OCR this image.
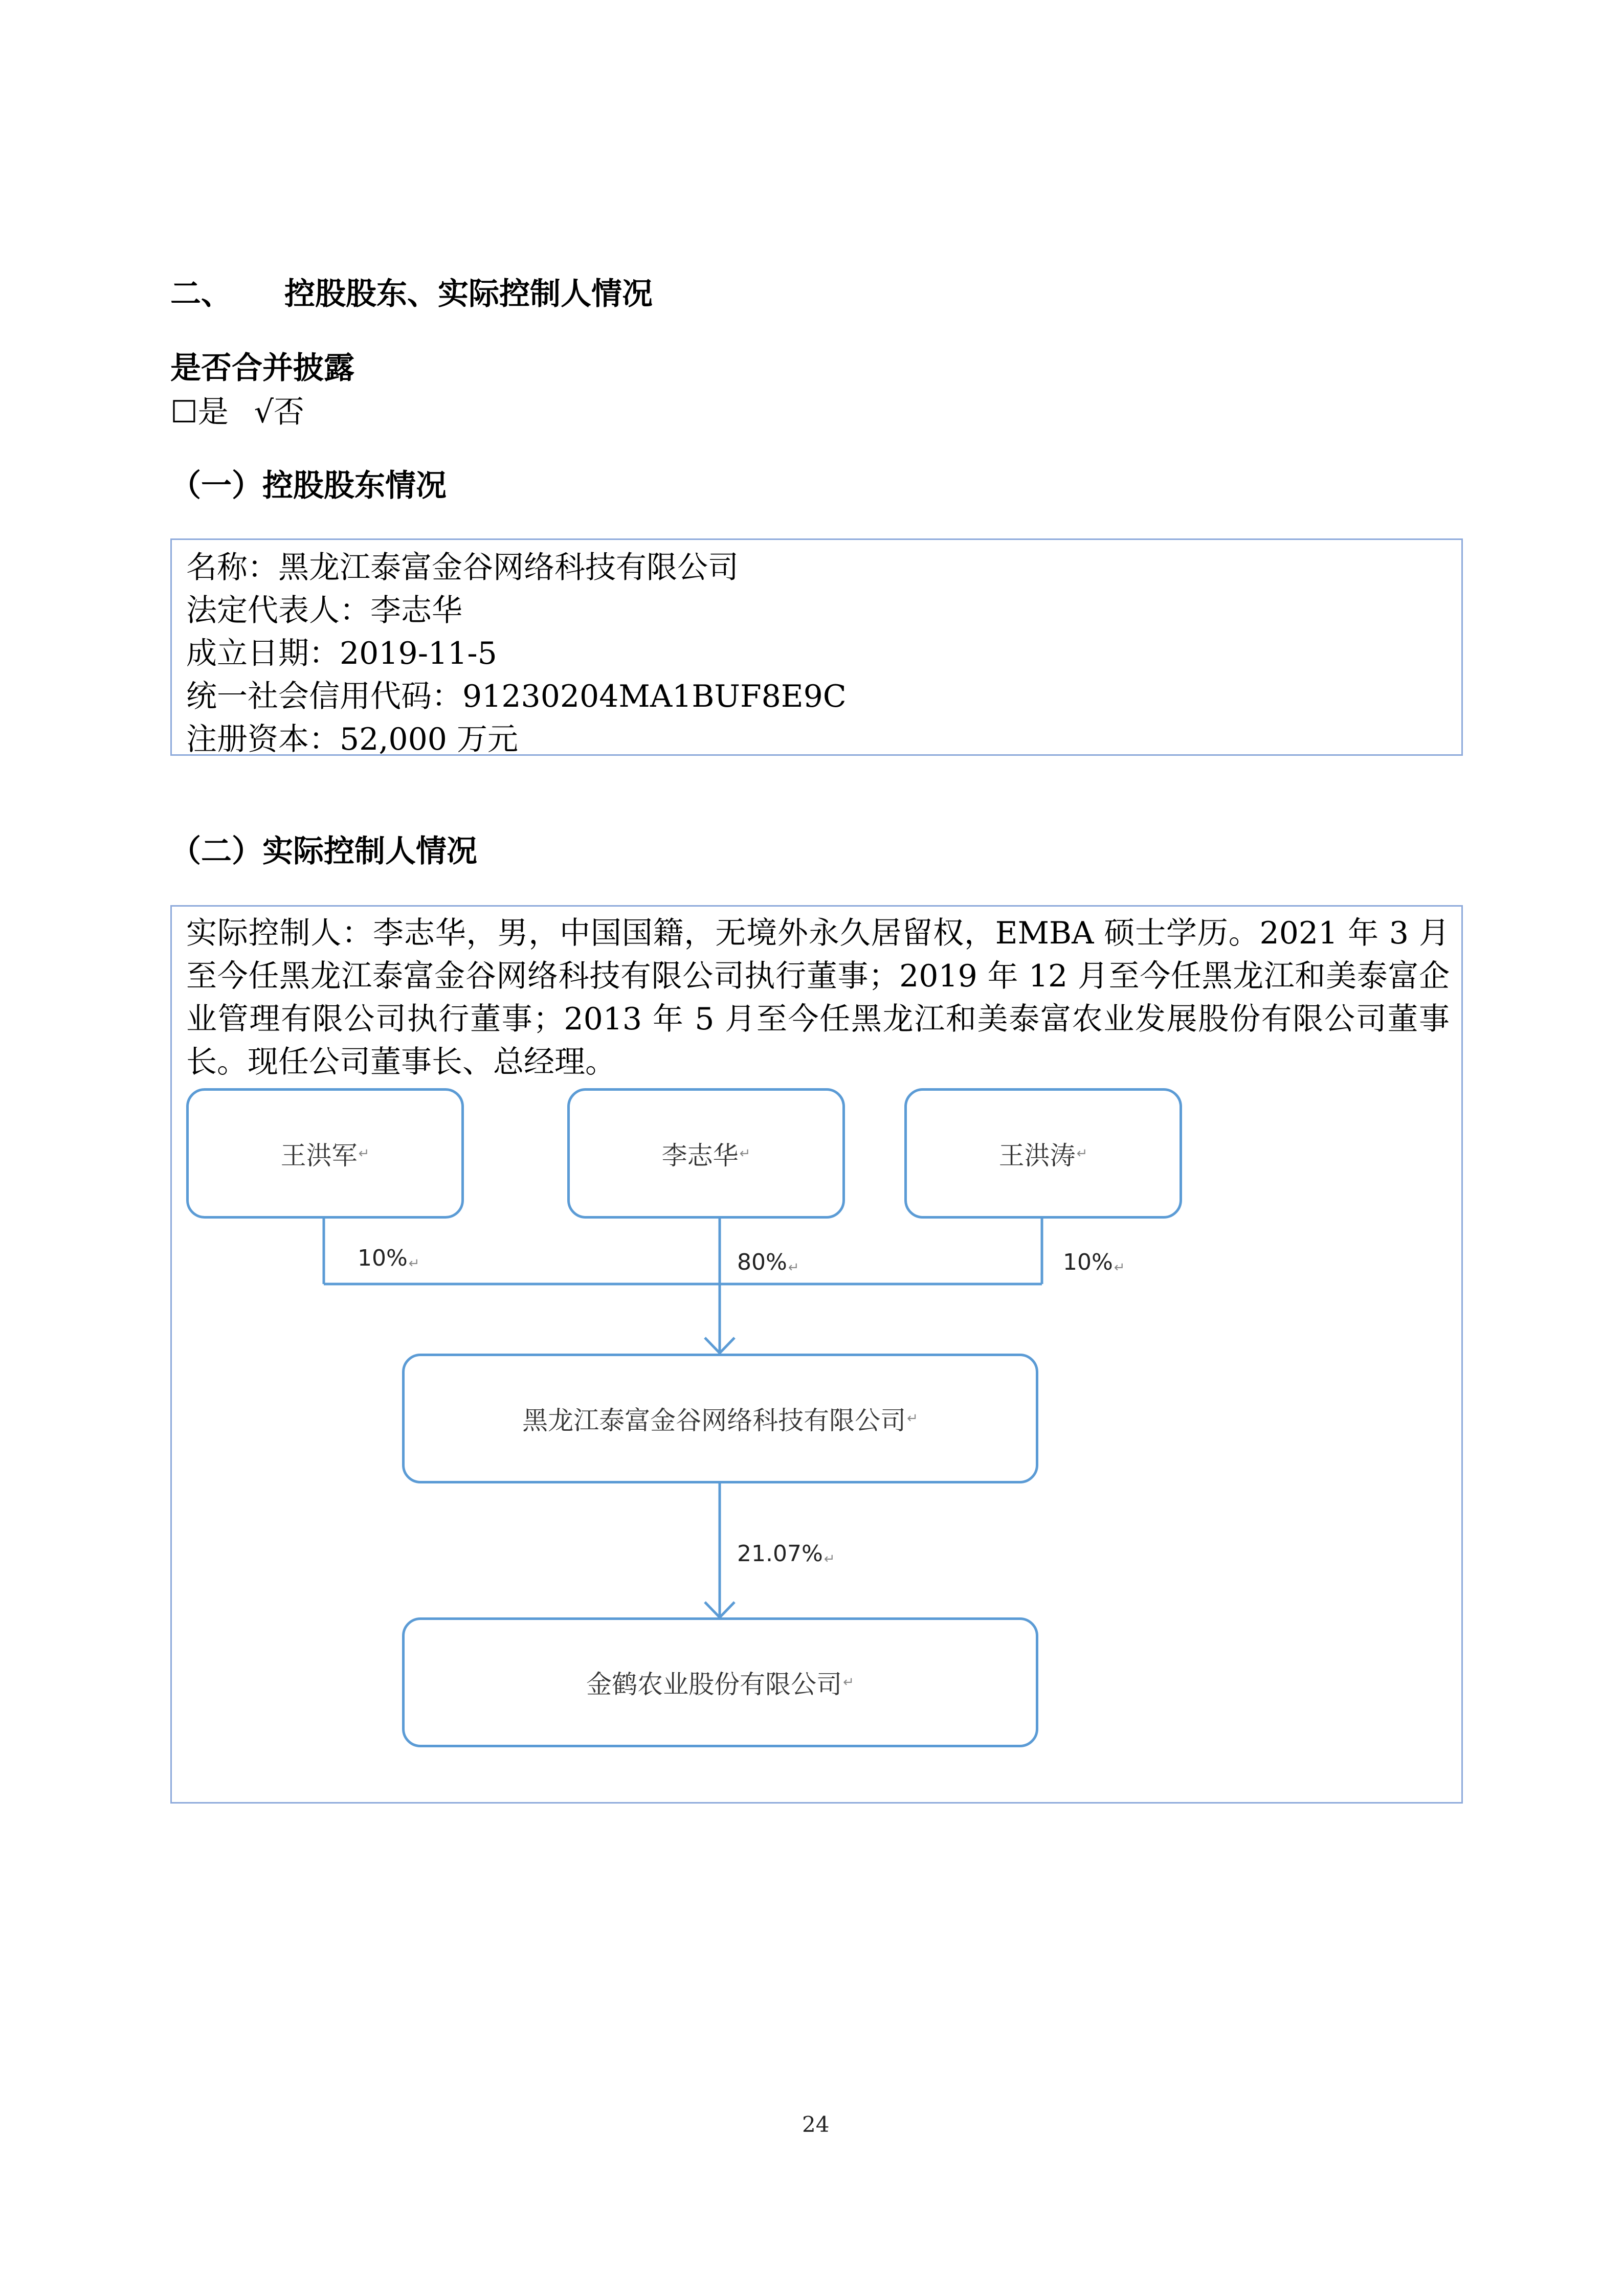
二、 控股股东、实际控制人情况
是否合并披露
☐是 √否
（一）控股股东情况
名称：黑龙江泰富金谷网络科技有限公司
法定代表人：李志华
成立日期：2019-11-5
统一社会信用代码：91230204MA1BUF8E9C
注册资本：52,000 万元
（二）实际控制人情况
实际控制人：李志华，男，中国国籍，无境外永久居留权，EMBA 硕士学历。2021 年 3 月至今任黑龙江泰富金谷网络科技有限公司执行董事；2019 年 12 月至今任黑龙江和美泰富企业管理有限公司执行董事；2013 年 5 月至今任黑龙江和美泰富农业发展股份有限公司董事长。现任公司董事长、总经理。
王洪军 ↵	李志华 ↵	王洪涛 ↵
10%↵	80%↵	10%↵
黑龙江泰富金谷网络科技有限公司 ↵
21.07%↵
金鹤农业股份有限公司 ↵
24
